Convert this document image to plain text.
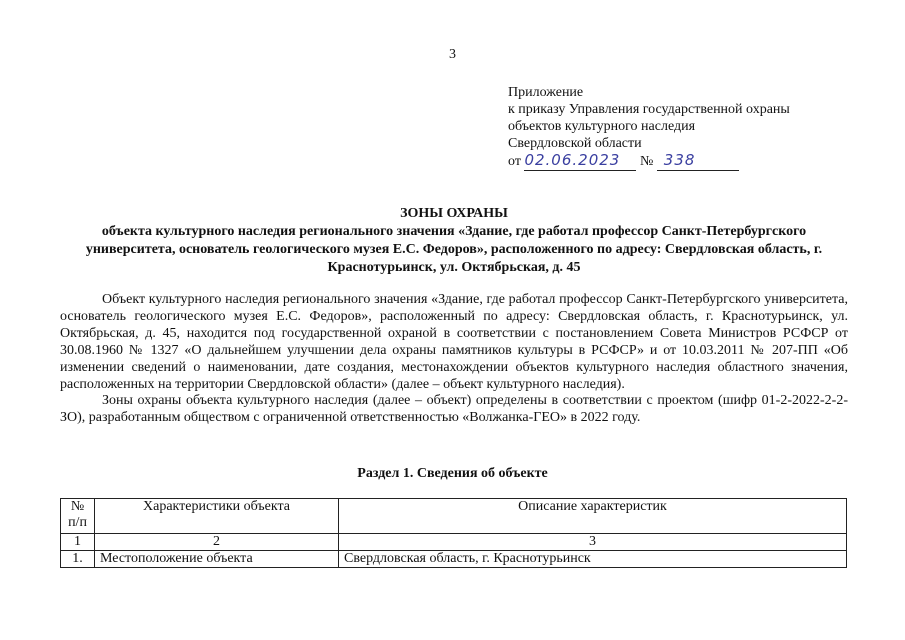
3
Приложение
к приказу Управления государственной охраны
объектов культурного наследия
Свердловской области
от 02.06.2023 № 338
ЗОНЫ ОХРАНЫ
объекта культурного наследия регионального значения «Здание, где работал профессор Санкт-Петербургского университета, основатель геологического музея Е.С. Федоров», расположенного по адресу: Свердловская область, г. Краснотурьинск, ул. Октябрьская, д. 45

Объект культурного наследия регионального значения «Здание, где работал профессор Санкт-Петербургского университета, основатель геологического музея Е.С. Федоров», расположенный по адресу: Свердловская область, г. Краснотурьинск, ул. Октябрьская, д. 45, находится под государственной охраной в соответствии с постановлением Совета Министров РСФСР от 30.08.1960 № 1327 «О дальнейшем улучшении дела охраны памятников культуры в РСФСР» и от 10.03.2011 № 207-ПП «Об изменении сведений о наименовании, дате создания, местонахождении объектов культурного наследия областного значения, расположенных на территории Свердловской области» (далее – объект культурного наследия).

Зоны охраны объекта культурного наследия (далее – объект) определены в соответствии с проектом (шифр 01-2-2022-2-2-ЗО), разработанным обществом с ограниченной ответственностью «Волжанка-ГЕО» в 2022 году.

Раздел 1. Сведения об объекте
№ п/п	Характеристики объекта	Описание характеристик
1	2	3
1.	Местоположение объекта	Свердловская область, г. Краснотурьинск
